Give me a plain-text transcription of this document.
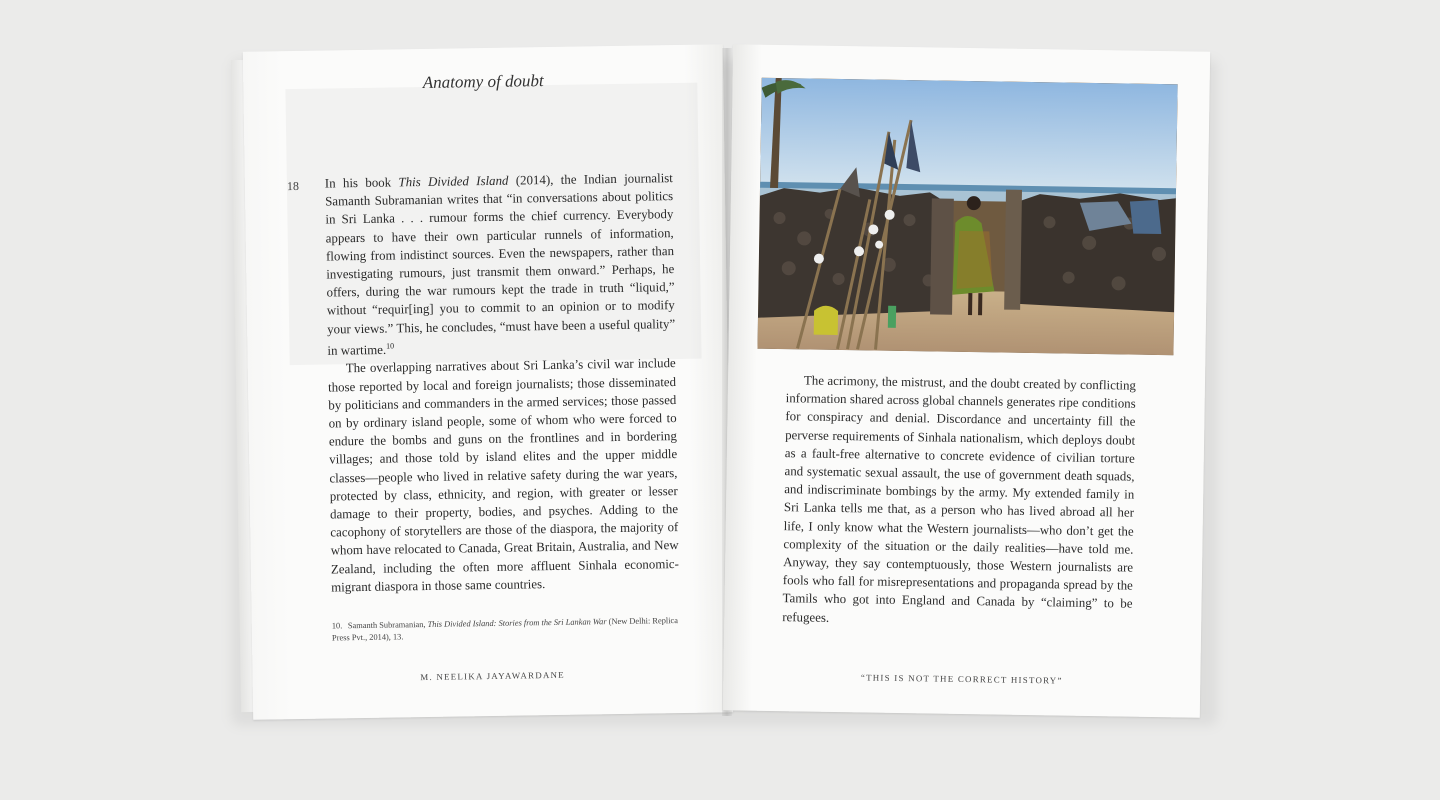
Anatomy of doubt
18 In his book This Divided Island (2014), the Indian journalist Samanth Subramanian writes that “in conversations about politics in Sri Lanka . . . rumour forms the chief currency. Everybody appears to have their own particular runnels of information, flowing from indistinct sources. Even the newspapers, rather than investigating rumours, just transmit them onward.” Perhaps, he offers, during the war rumours kept the trade in truth “liquid,” without “requir[ing] you to commit to an opinion or to modify your views.” This, he concludes, “must have been a useful quality” in wartime.$^{10}$

The overlapping narratives about Sri Lanka’s civil war include those reported by local and foreign journalists; those disseminated by politicians and commanders in the armed services; those passed on by ordinary island people, some of whom who were forced to endure the bombs and guns on the frontlines and in bordering villages; and those told by island elites and the upper middle classes—people who lived in relative safety during the war years, protected by class, ethnicity, and region, with greater or lesser damage to their property, bodies, and psyches. Adding to the cacophony of storytellers are those of the diaspora, the majority of whom have relocated to Canada, Great Britain, Australia, and New Zealand, including the often more affluent Sinhala economic-migrant diaspora in those same countries.

10. Samanth Subramanian, This Divided Island: Stories from the Sri Lankan War (New Delhi: Replica Press Pvt., 2014), 13.
M. NEELIKA JAYAWARDANE

The acrimony, the mistrust, and the doubt created by conflicting information shared across global channels generates ripe conditions for conspiracy and denial. Discordance and uncertainty fill the perverse requirements of Sinhala nationalism, which deploys doubt as a fault-free alternative to concrete evidence of civilian torture and systematic sexual assault, the use of government death squads, and indiscriminate bombings by the army. My extended family in Sri Lanka tells me that, as a person who has lived abroad all her life, I only know what the Western journalists—who don’t get the complexity of the situation or the daily realities—have told me. Anyway, they say contemptuously, those Western journalists are fools who fall for misrepresentations and propaganda spread by the Tamils who got into England and Canada by “claiming” to be refugees.

“THIS IS NOT THE CORRECT HISTORY”
